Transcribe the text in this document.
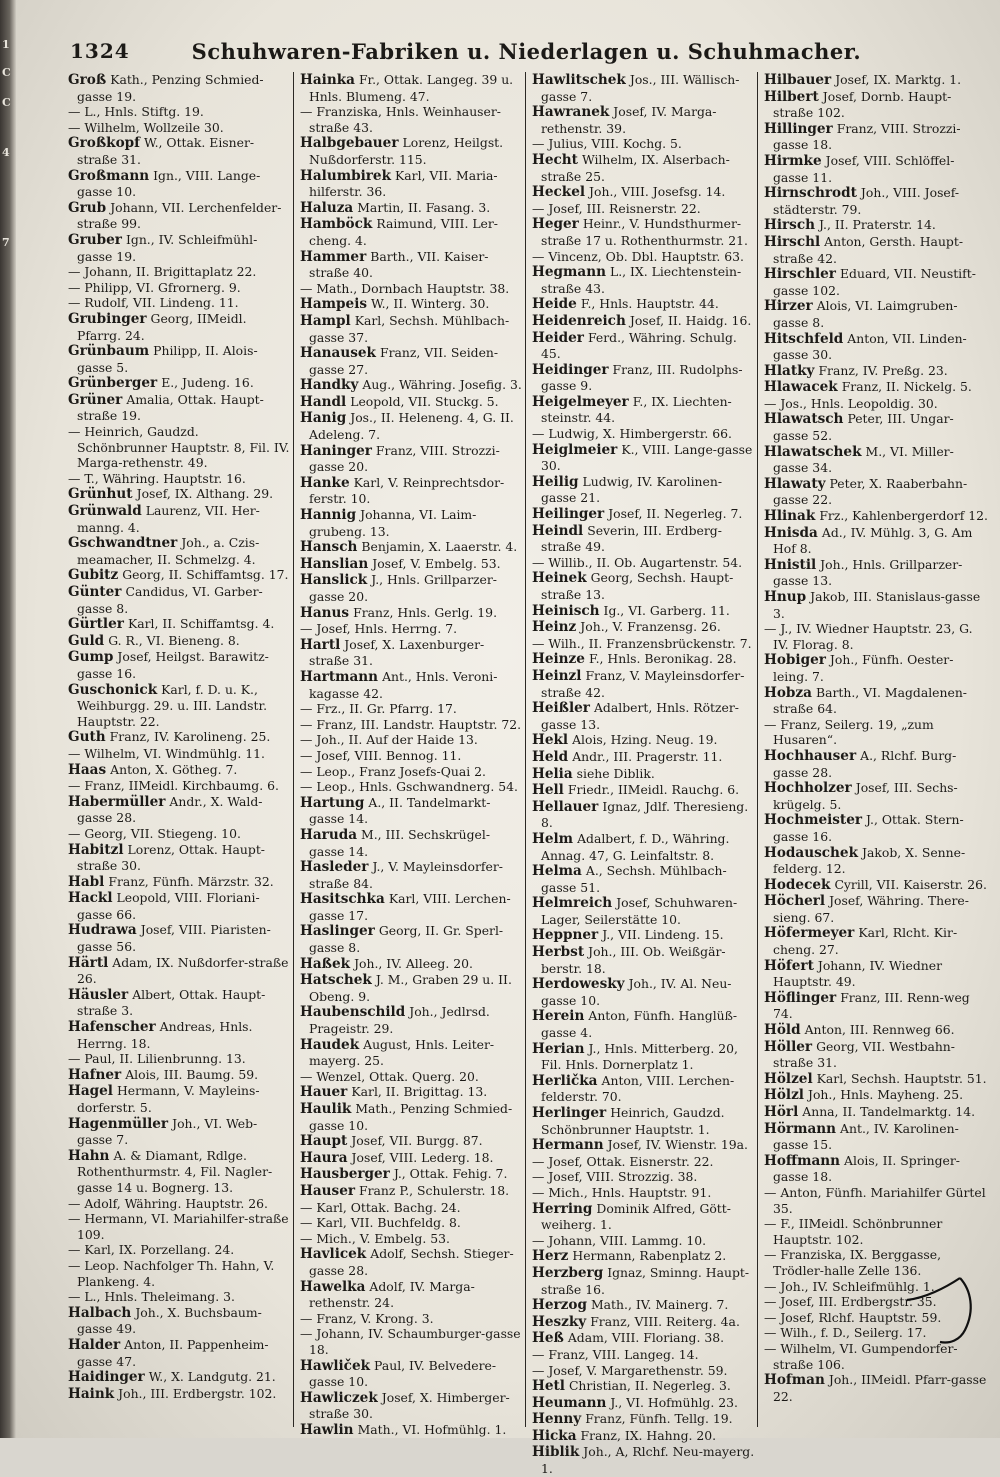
1
C
C
4
7
1324	Schuhwaren-Fabriken u. Niederlagen u. Schuhmacher.
Groß Kath., Penzing Schmied-gasse 19.
— L., Hnls. Stiftg. 19.
— Wilhelm, Wollzeile 30.
Großkopf W., Ottak. Eisner-straße 31.
Großmann Ign., VIII. Lange-gasse 10.
Grub Johann, VII. Lerchenfelder-straße 99.
Gruber Ign., IV. Schleifmühl-gasse 19.
— Johann, II. Brigittaplatz 22.
— Philipp, VI. Gfrornerg. 9.
— Rudolf, VII. Lindeng. 11.
Grubinger Georg, IIMeidl. Pfarrg. 24.
Grünbaum Philipp, II. Alois-gasse 5.
Grünberger E., Judeng. 16.
Grüner Amalia, Ottak. Haupt-straße 19.
— Heinrich, Gaudzd. Schönbrunner Hauptstr. 8, Fil. IV. Marga-rethenstr. 49.
— T., Währing. Hauptstr. 16.
Grünhut Josef, IX. Althang. 29.
Grünwald Laurenz, VII. Her-manng. 4.
Gschwandtner Joh., a. Czis-meamacher, II. Schmelzg. 4.
Gubitz Georg, II. Schiffamtsg. 17.
Günter Candidus, VI. Garber-gasse 8.
Gürtler Karl, II. Schiffamtsg. 4.
Guld G. R., VI. Bieneng. 8.
Gump Josef, Heilgst. Barawitz-gasse 16.
Guschonick Karl, f. D. u. K., Weihburgg. 29. u. III. Landstr. Hauptstr. 22.
Guth Franz, IV. Karolineng. 25.
— Wilhelm, VI. Windmühlg. 11.
Haas Anton, X. Götheg. 7.
— Franz, IIMeidl. Kirchbaumg. 6.
Habermüller Andr., X. Wald-gasse 28.
— Georg, VII. Stiegeng. 10.
Habitzl Lorenz, Ottak. Haupt-straße 30.
Habl Franz, Fünfh. Märzstr. 32.
Hackl Leopold, VIII. Floriani-gasse 66.
Hudrawa Josef, VIII. Piaristen-gasse 56.
Härtl Adam, IX. Nußdorfer-straße 26.
Häusler Albert, Ottak. Haupt-straße 3.
Hafenscher Andreas, Hnls. Herrng. 18.
— Paul, II. Lilienbrunng. 13.
Hafner Alois, III. Baumg. 59.
Hagel Hermann, V. Mayleins-dorferstr. 5.
Hagenmüller Joh., VI. Web-gasse 7.
Hahn A. & Diamant, Rdlge. Rothenthurmstr. 4, Fil. Nagler-gasse 14 u. Bognerg. 13.
— Adolf, Währing. Hauptstr. 26.
— Hermann, VI. Mariahilfer-straße 109.
— Karl, IX. Porzellang. 24.
— Leop. Nachfolger Th. Hahn, V. Plankeng. 4.
— L., Hnls. Theleimang. 3.
Halbach Joh., X. Buchsbaum-gasse 49.
Halder Anton, II. Pappenheim-gasse 47.
Haidinger W., X. Landgutg. 21.
Haink Joh., III. Erdbergstr. 102.
Hainka Fr., Ottak. Langeg. 39 u. Hnls. Blumeng. 47.
— Franziska, Hnls. Weinhauser-straße 43.
Halbgebauer Lorenz, Heilgst. Nußdorferstr. 115.
Halumbirek Karl, VII. Maria-hilferstr. 36.
Haluza Martin, II. Fasang. 3.
Hamböck Raimund, VIII. Ler-cheng. 4.
Hammer Barth., VII. Kaiser-straße 40.
— Math., Dornbach Hauptstr. 38.
Hampeis W., II. Winterg. 30.
Hampl Karl, Sechsh. Mühlbach-gasse 37.
Hanausek Franz, VII. Seiden-gasse 27.
Handky Aug., Währing. Josefig. 3.
Handl Leopold, VII. Stuckg. 5.
Hanig Jos., II. Heleneng. 4, G. II. Adeleng. 7.
Haninger Franz, VIII. Strozzi-gasse 20.
Hanke Karl, V. Reinprechtsdor-ferstr. 10.
Hannig Johanna, VI. Laim-grubeng. 13.
Hansch Benjamin, X. Laaerstr. 4.
Hanslian Josef, V. Embelg. 53.
Hanslick J., Hnls. Grillparzer-gasse 20.
Hanus Franz, Hnls. Gerlg. 19.
— Josef, Hnls. Herrng. 7.
Hartl Josef, X. Laxenburger-straße 31.
Hartmann Ant., Hnls. Veroni-kagasse 42.
— Frz., II. Gr. Pfarrg. 17.
— Franz, III. Landstr. Hauptstr. 72.
— Joh., II. Auf der Haide 13.
— Josef, VIII. Bennog. 11.
— Leop., Franz Josefs-Quai 2.
— Leop., Hnls. Gschwandnerg. 54.
Hartung A., II. Tandelmarkt-gasse 14.
Haruda M., III. Sechskrügel-gasse 14.
Hasleder J., V. Mayleinsdorfer-straße 84.
Hasitschka Karl, VIII. Lerchen-gasse 17.
Haslinger Georg, II. Gr. Sperl-gasse 8.
Haßek Joh., IV. Alleeg. 20.
Hatschek J. M., Graben 29 u. II. Obeng. 9.
Haubenschild Joh., Jedlrsd. Prageistr. 29.
Haudek August, Hnls. Leiter-mayerg. 25.
— Wenzel, Ottak. Querg. 20.
Hauer Karl, II. Brigittag. 13.
Haulik Math., Penzing Schmied-gasse 10.
Haupt Josef, VII. Burgg. 87.
Haura Josef, VIII. Lederg. 18.
Hausberger J., Ottak. Fehig. 7.
Hauser Franz P., Schulerstr. 18.
— Karl, Ottak. Bachg. 24.
— Karl, VII. Buchfeldg. 8.
— Mich., V. Embelg. 53.
Havlicek Adolf, Sechsh. Stieger-gasse 28.
Hawelka Adolf, IV. Marga-rethenstr. 24.
— Franz, V. Krong. 3.
— Johann, IV. Schaumburger-gasse 18.
Hawliček Paul, IV. Belvedere-gasse 10.
Hawliczek Josef, X. Himberger-straße 30.
Hawlin Math., VI. Hofmühlg. 1.
Hawlitschek Jos., III. Wällisch-gasse 7.
Hawranek Josef, IV. Marga-rethenstr. 39.
— Julius, VIII. Kochg. 5.
Hecht Wilhelm, IX. Alserbach-straße 25.
Heckel Joh., VIII. Josefsg. 14.
— Josef, III. Reisnerstr. 22.
Heger Heinr., V. Hundsthurmer-straße 17 u. Rothenthurmstr. 21.
— Vincenz, Ob. Dbl. Hauptstr. 63.
Hegmann L., IX. Liechtenstein-straße 43.
Heide F., Hnls. Hauptstr. 44.
Heidenreich Josef, II. Haidg. 16.
Heider Ferd., Währing. Schulg. 45.
Heidinger Franz, III. Rudolphs-gasse 9.
Heigelmeyer F., IX. Liechten-steinstr. 44.
— Ludwig, X. Himbergerstr. 66.
Heiglmeier K., VIII. Lange-gasse 30.
Heilig Ludwig, IV. Karolinen-gasse 21.
Heilinger Josef, II. Negerleg. 7.
Heindl Severin, III. Erdberg-straße 49.
— Willib., II. Ob. Augartenstr. 54.
Heinek Georg, Sechsh. Haupt-straße 13.
Heinisch Ig., VI. Garberg. 11.
Heinz Joh., V. Franzensg. 26.
— Wilh., II. Franzensbrückenstr. 7.
Heinze F., Hnls. Beronikag. 28.
Heinzl Franz, V. Mayleinsdorfer-straße 42.
Heißler Adalbert, Hnls. Rötzer-gasse 13.
Hekl Alois, Hzing. Neug. 19.
Held Andr., III. Pragerstr. 11.
Helia siehe Diblik.
Hell Friedr., IIMeidl. Rauchg. 6.
Hellauer Ignaz, Jdlf. Theresieng. 8.
Helm Adalbert, f. D., Währing. Annag. 47, G. Leinfaltstr. 8.
Helma A., Sechsh. Mühlbach-gasse 51.
Helmreich Josef, Schuhwaren-Lager, Seilerstätte 10.
Heppner J., VII. Lindeng. 15.
Herbst Joh., III. Ob. Weißgär-berstr. 18.
Herdowesky Joh., IV. Al. Neu-gasse 10.
Herein Anton, Fünfh. Hanglüß-gasse 4.
Herian J., Hnls. Mitterberg. 20, Fil. Hnls. Dornerplatz 1.
Herlička Anton, VIII. Lerchen-felderstr. 70.
Herlinger Heinrich, Gaudzd. Schönbrunner Hauptstr. 1.
Hermann Josef, IV. Wienstr. 19a.
— Josef, Ottak. Eisnerstr. 22.
— Josef, VIII. Strozzig. 38.
— Mich., Hnls. Hauptstr. 91.
Herring Dominik Alfred, Gött-weiherg. 1.
— Johann, VIII. Lammg. 10.
Herz Hermann, Rabenplatz 2.
Herzberg Ignaz, Sminng. Haupt-straße 16.
Herzog Math., IV. Mainerg. 7.
Heszky Franz, VIII. Reiterg. 4a.
Heß Adam, VIII. Floriang. 38.
— Franz, VIII. Langeg. 14.
— Josef, V. Margarethenstr. 59.
Hetl Christian, II. Negerleg. 3.
Heumann J., VI. Hofmühlg. 23.
Henny Franz, Fünfh. Tellg. 19.
Hicka Franz, IX. Hahng. 20.
Hiblik Joh., A, Rlchf. Neu-mayerg. 1.
Hilbauer Josef, IX. Marktg. 1.
Hilbert Josef, Dornb. Haupt-straße 102.
Hillinger Franz, VIII. Strozzi-gasse 18.
Hirmke Josef, VIII. Schlöffel-gasse 11.
Hirnschrodt Joh., VIII. Josef-städterstr. 79.
Hirsch J., II. Praterstr. 14.
Hirschl Anton, Gersth. Haupt-straße 42.
Hirschler Eduard, VII. Neustift-gasse 102.
Hirzer Alois, VI. Laimgruben-gasse 8.
Hitschfeld Anton, VII. Linden-gasse 30.
Hlatky Franz, IV. Preßg. 23.
Hlawacek Franz, II. Nickelg. 5.
— Jos., Hnls. Leopoldig. 30.
Hlawatsch Peter, III. Ungar-gasse 52.
Hlawatschek M., VI. Miller-gasse 34.
Hlawaty Peter, X. Raaberbahn-gasse 22.
Hlinak Frz., Kahlenbergerdorf 12.
Hnisda Ad., IV. Mühlg. 3, G. Am Hof 8.
Hnistil Joh., Hnls. Grillparzer-gasse 13.
Hnup Jakob, III. Stanislaus-gasse 3.
— J., IV. Wiedner Hauptstr. 23, G. IV. Florag. 8.
Hobiger Joh., Fünfh. Oester-leing. 7.
Hobza Barth., VI. Magdalenen-straße 64.
— Franz, Seilerg. 19, „zum Husaren“.
Hochhauser A., Rlchf. Burg-gasse 28.
Hochholzer Josef, III. Sechs-krügelg. 5.
Hochmeister J., Ottak. Stern-gasse 16.
Hodauschek Jakob, X. Senne-felderg. 12.
Hodecek Cyrill, VII. Kaiserstr. 26.
Höcherl Josef, Währing. There-sieng. 67.
Höfermeyer Karl, Rlcht. Kir-cheng. 27.
Höfert Johann, IV. Wiedner Hauptstr. 49.
Höflinger Franz, III. Renn-weg 74.
Höld Anton, III. Rennweg 66.
Höller Georg, VII. Westbahn-straße 31.
Hölzel Karl, Sechsh. Hauptstr. 51.
Hölzl Joh., Hnls. Mayheng. 25.
Hörl Anna, II. Tandelmarktg. 14.
Hörmann Ant., IV. Karolinen-gasse 15.
Hoffmann Alois, II. Springer-gasse 18.
— Anton, Fünfh. Mariahilfer Gürtel 35.
— F., IIMeidl. Schönbrunner Hauptstr. 102.
— Franziska, IX. Berggasse, Trödler-halle Zelle 136.
— Joh., IV. Schleifmühlg. 1.
— Josef, III. Erdbergstr. 35.
— Josef, Rlchf. Hauptstr. 59.
— Wilh., f. D., Seilerg. 17.
— Wilhelm, VI. Gumpendorfer-straße 106.
Hofman Joh., IIMeidl. Pfarr-gasse 22.
